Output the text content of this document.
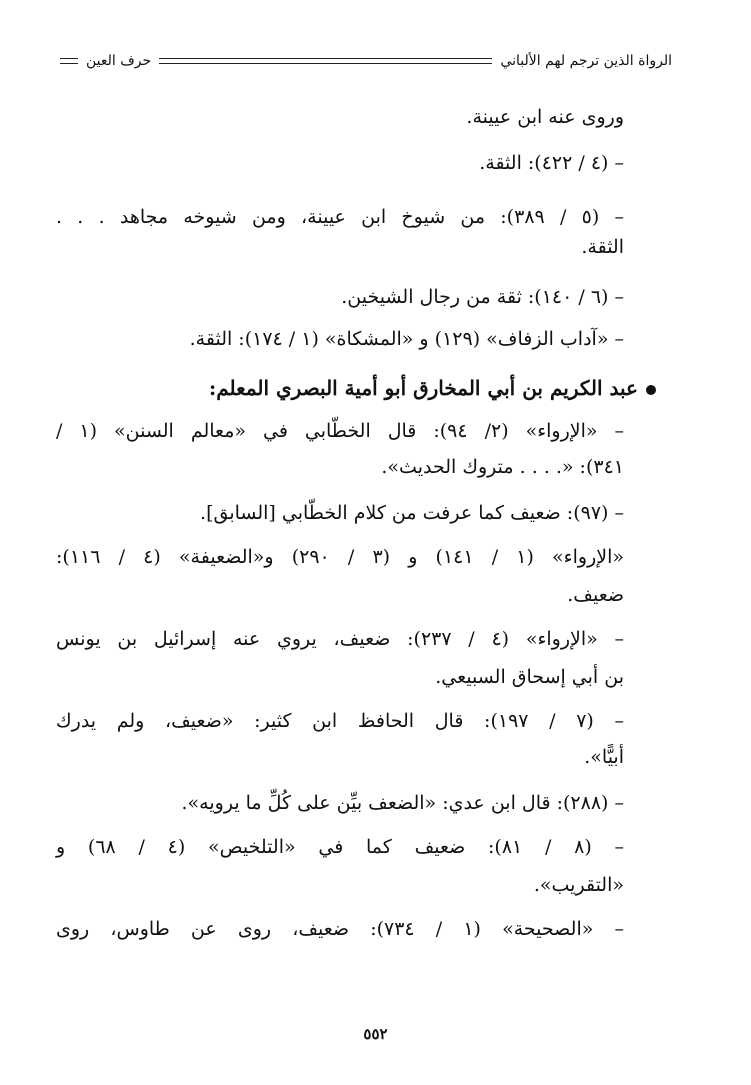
الرواة الذين ترجم لهم الألباني
حرف العين
وروى عنه ابن عيينة.
– (٤ / ٤٢٢): الثقة.
– (٥ / ٣٨٩): من شيوخ ابن عيينة، ومن شيوخه مجاهد . . .
الثقة.
– (٦ / ١٤٠): ثقة من رجال الشيخين.
– «آداب الزفاف» (١٢٩) و «المشكاة» (١ / ١٧٤): الثقة.
عبد الكريم بن أبي المخارق أبو أمية البصري المعلم:
– «الإرواء» (٢/ ٩٤): قال الخطّابي في «معالم السنن» (١ /
٣٤١): «. . . . متروك الحديث».
– (٩٧): ضعيف كما عرفت من كلام الخطّابي [السابق].
«الإرواء» (١ / ١٤١) و (٣ / ٢٩٠) و«الضعيفة» (٤ / ١١٦):
ضعيف.
– «الإرواء» (٤ / ٢٣٧): ضعيف، يروي عنه إسرائيل بن يونس
بن أبي إسحاق السبيعي.
– (٧ / ١٩٧): قال الحافظ ابن كثير: «ضعيف، ولم يدرك
أبيًّا».
– (٢٨٨): قال ابن عدي: «الضعف بيِّن على كُلِّ ما يرويه».
– (٨ / ٨١): ضعيف كما في «التلخيص» (٤ / ٦٨) و
«التقريب».
– «الصحيحة» (١ / ٧٣٤): ضعيف، روى عن طاوس، روى
٥٥٢
